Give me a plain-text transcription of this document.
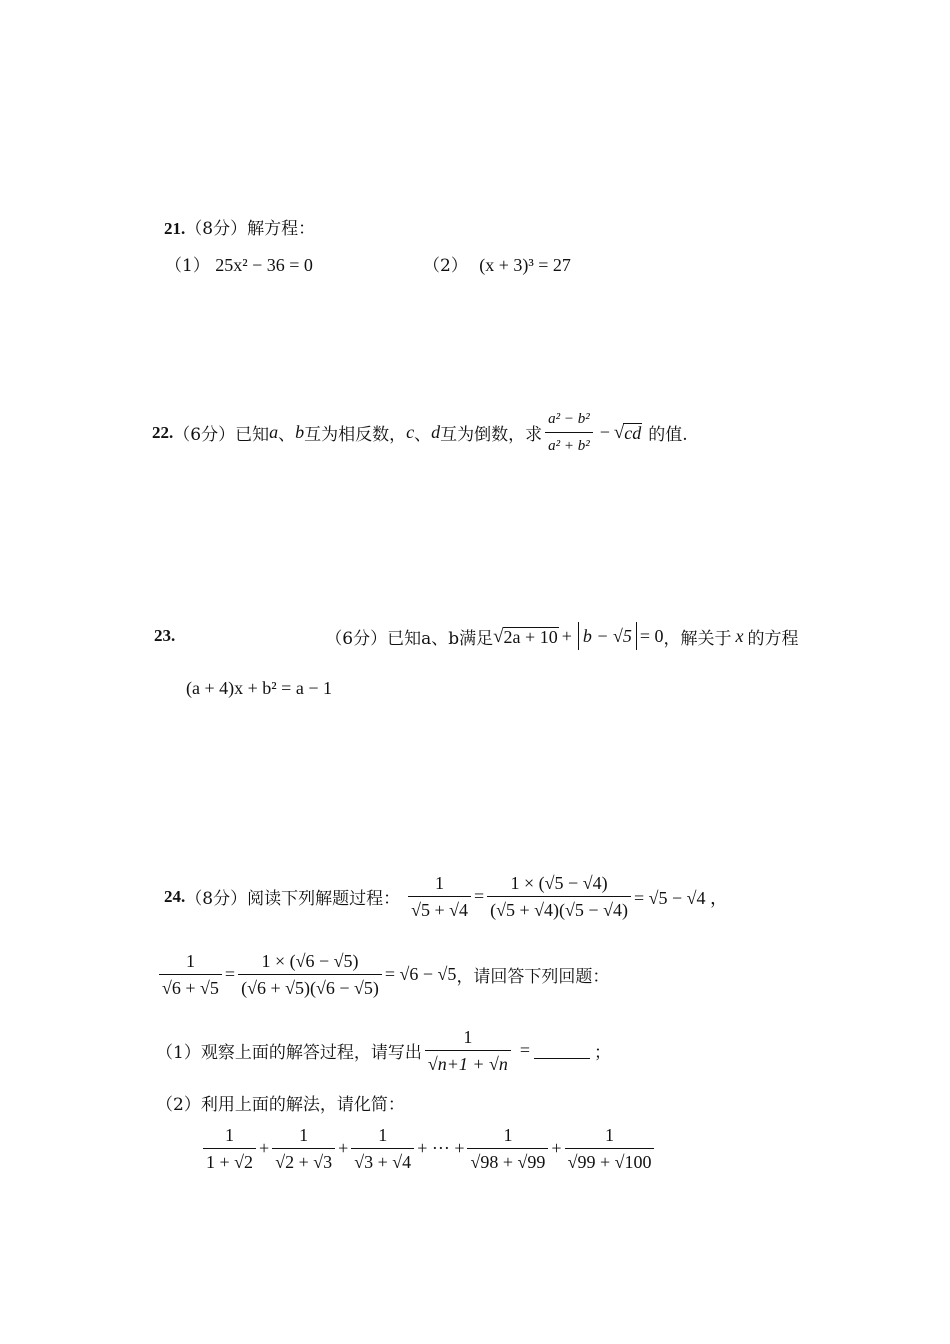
21.（8分）解方程：
（1） 25x² − 36 = 0	（2） (x + 3)³ = 27
22. （6分） 已知 a 、 b 互为相反数， c 、 d 互为倒数，求 $\frac{\text{a² − b²}}{\text{a² + b²}}$ − √ cd 的值.
23.	（6分） 已知a、b满足 √ 2a + 10 + b − √5 = 0 ，解关于 x 的方程
(a + 4)x + b² = a − 1
24. （8分） 阅读下列解题过程： $\frac{1}{√5 + √4} = \frac{1 \times (√5 - √4)}{(√5 + √4)(√5 - √4)} = √5 - √4$ ，
$\frac{1}{√6 + √5} = \frac{1 \times (√6 - √5)}{(√6 + √5)(√6 - √5)} = √6 - √5$ ，请回答下列回题：
（1） 观察上面的解答过程，请写出 $\frac{1}{√n+1 + √n}$ =	；
（2）利用上面的解法，请化简：
$\frac{1}{1 + √2} + \frac{1}{√2 + √3} + \frac{1}{√3 + √4}$ + ··· + $\frac{1}{√98 + √99} + \frac{1}{√99 + √100}$
